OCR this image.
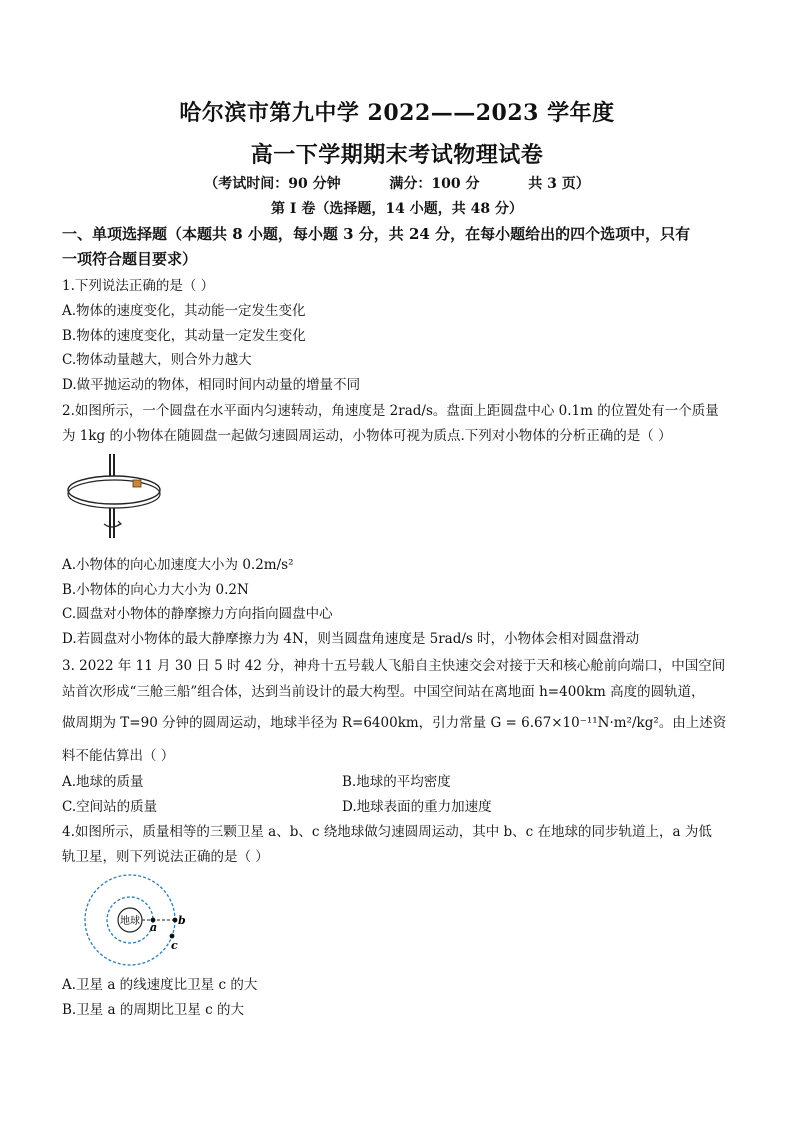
哈尔滨市第九中学 2022——2023 学年度
高一下学期期末考试物理试卷
（考试时间：90 分钟          满分：100 分          共 3 页）
第 I 卷（选择题，14 小题，共 48 分）
一、单项选择题（本题共 8 小题，每小题 3 分，共 24 分，在每小题给出的四个选项中，只有
一项符合题目要求）
1.下列说法正确的是（ ）
A.物体的速度变化，其动能一定发生变化
B.物体的速度变化，其动量一定发生变化
C.物体动量越大，则合外力越大
D.做平抛运动的物体，相同时间内动量的增量不同
2.如图所示，一个圆盘在水平面内匀速转动，角速度是 2rad/s。盘面上距圆盘中心 0.1m 的位置处有一个质量
为 1kg 的小物体在随圆盘一起做匀速圆周运动，小物体可视为质点.下列对小物体的分析正确的是（ ）
A.小物体的向心加速度大小为 0.2m/s²
B.小物体的向心力大小为 0.2N
C.圆盘对小物体的静摩擦力方向指向圆盘中心
D.若圆盘对小物体的最大静摩擦力为 4N，则当圆盘角速度是 5rad/s 时，小物体会相对圆盘滑动
3. 2022 年 11 月 30 日 5 时 42 分，神舟十五号载人飞船自主快速交会对接于天和核心舱前向端口，中国空间
站首次形成“三舱三船”组合体，达到当前设计的最大构型。中国空间站在离地面 h=400km 高度的圆轨道，
做周期为 T=90 分钟的圆周运动，地球半径为 R=6400km，引力常量 G = 6.67×10⁻¹¹N·m²/kg²。由上述资
料不能估算出（ ）
A.地球的质量	B.地球的平均密度
C.空间站的质量	D.地球表面的重力加速度
4.如图所示，质量相等的三颗卫星 a、b、c 绕地球做匀速圆周运动，其中 b、c 在地球的同步轨道上，a 为低
轨卫星，则下列说法正确的是（ ）
地球 a
b
c
A.卫星 a 的线速度比卫星 c 的大
B.卫星 a 的周期比卫星 c 的大
